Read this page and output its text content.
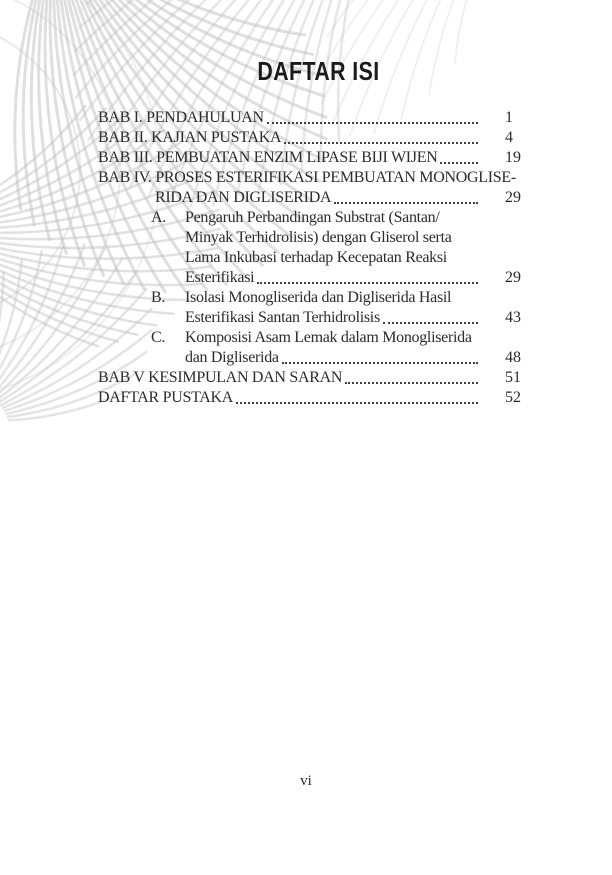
DAFTAR ISI
BAB I. PENDAHULUAN	1
BAB II. KAJIAN PUSTAKA	4
BAB III. PEMBUATAN ENZIM LIPASE BIJI WIJEN	19
BAB IV. PROSES ESTERIFIKASI PEMBUATAN MONOGLISE-
RIDA DAN DIGLISERIDA	29
A.	Pengaruh Perbandingan Substrat (Santan/
Minyak Terhidrolisis) dengan Gliserol serta
Lama Inkubasi terhadap Kecepatan Reaksi
Esterifikasi	29
B.	Isolasi Monogliserida dan Digliserida Hasil
Esterifikasi Santan Terhidrolisis	43
C.	Komposisi Asam Lemak dalam Monogliserida
dan Digliserida	48
BAB V KESIMPULAN DAN SARAN	51
DAFTAR PUSTAKA	52
vi
